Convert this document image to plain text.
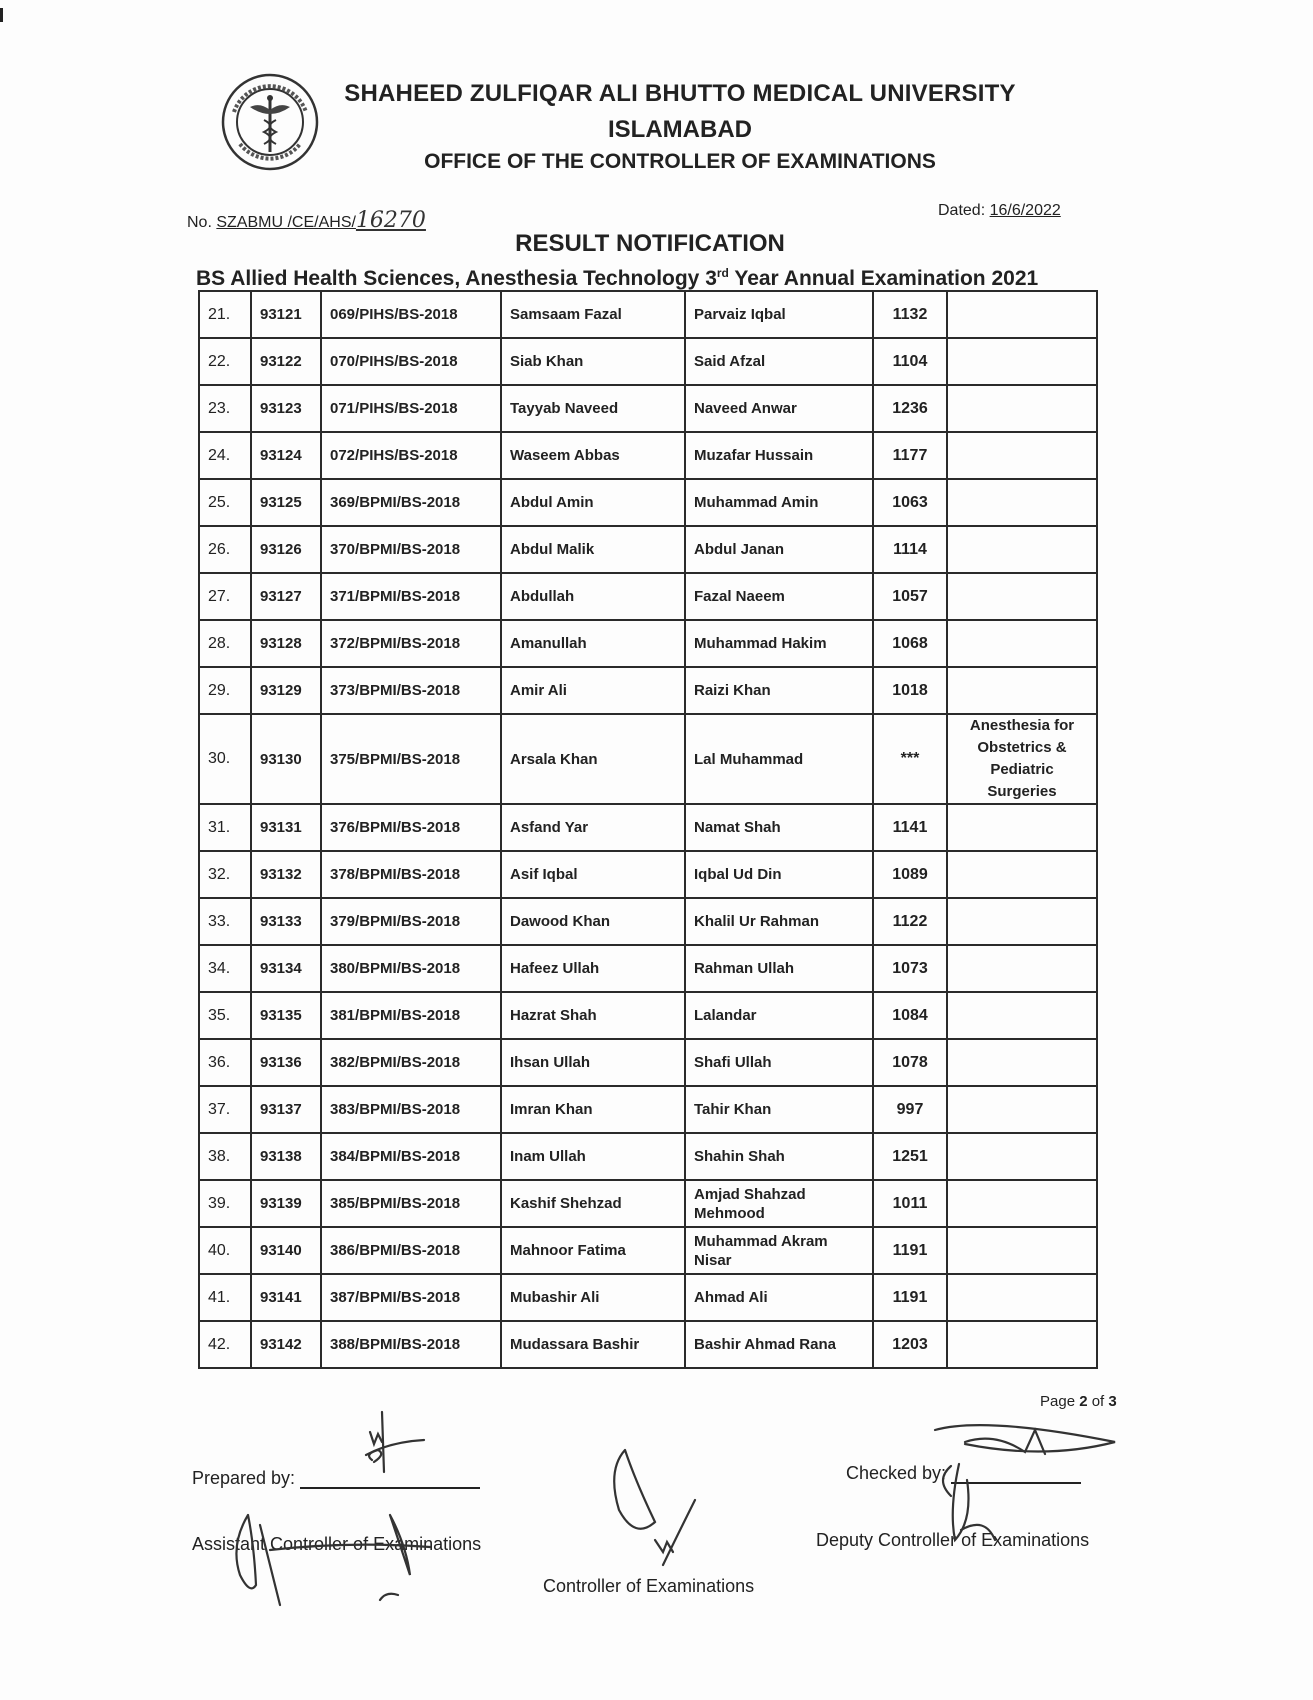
SHAHEED ZULFIQAR ALI BHUTTO MEDICAL UNIVERSITY
ISLAMABAD
OFFICE OF THE CONTROLLER OF EXAMINATIONS
No. SZABMU /CE/AHS/16270	Dated: 16/6/2022
RESULT NOTIFICATION
BS Allied Health Sciences, Anesthesia Technology 3rd Year Annual Examination 2021
21.	93121	069/PIHS/BS-2018	Samsaam Fazal	Parvaiz Iqbal	1132	
22.	93122	070/PIHS/BS-2018	Siab Khan	Said Afzal	1104	
23.	93123	071/PIHS/BS-2018	Tayyab Naveed	Naveed Anwar	1236	
24.	93124	072/PIHS/BS-2018	Waseem Abbas	Muzafar Hussain	1177	
25.	93125	369/BPMI/BS-2018	Abdul Amin	Muhammad Amin	1063	
26.	93126	370/BPMI/BS-2018	Abdul Malik	Abdul Janan	1114	
27.	93127	371/BPMI/BS-2018	Abdullah	Fazal Naeem	1057	
28.	93128	372/BPMI/BS-2018	Amanullah	Muhammad Hakim	1068	
29.	93129	373/BPMI/BS-2018	Amir Ali	Raizi Khan	1018	
30.	93130	375/BPMI/BS-2018	Arsala Khan	Lal Muhammad	***	Anesthesia for Obstetrics & Pediatric Surgeries
31.	93131	376/BPMI/BS-2018	Asfand Yar	Namat Shah	1141	
32.	93132	378/BPMI/BS-2018	Asif Iqbal	Iqbal Ud Din	1089	
33.	93133	379/BPMI/BS-2018	Dawood Khan	Khalil Ur Rahman	1122	
34.	93134	380/BPMI/BS-2018	Hafeez Ullah	Rahman Ullah	1073	
35.	93135	381/BPMI/BS-2018	Hazrat Shah	Lalandar	1084	
36.	93136	382/BPMI/BS-2018	Ihsan Ullah	Shafi Ullah	1078	
37.	93137	383/BPMI/BS-2018	Imran Khan	Tahir Khan	997	
38.	93138	384/BPMI/BS-2018	Inam Ullah	Shahin Shah	1251	
39.	93139	385/BPMI/BS-2018	Kashif Shehzad	Amjad Shahzad Mehmood	1011	
40.	93140	386/BPMI/BS-2018	Mahnoor Fatima	Muhammad Akram Nisar	1191	
41.	93141	387/BPMI/BS-2018	Mubashir Ali	Ahmad Ali	1191	
42.	93142	388/BPMI/BS-2018	Mudassara Bashir	Bashir Ahmad Rana	1203	
Page 2 of 3
Prepared by:
Assistant Controller of Examinations
Controller of Examinations
Checked by:
Deputy Controller of Examinations
